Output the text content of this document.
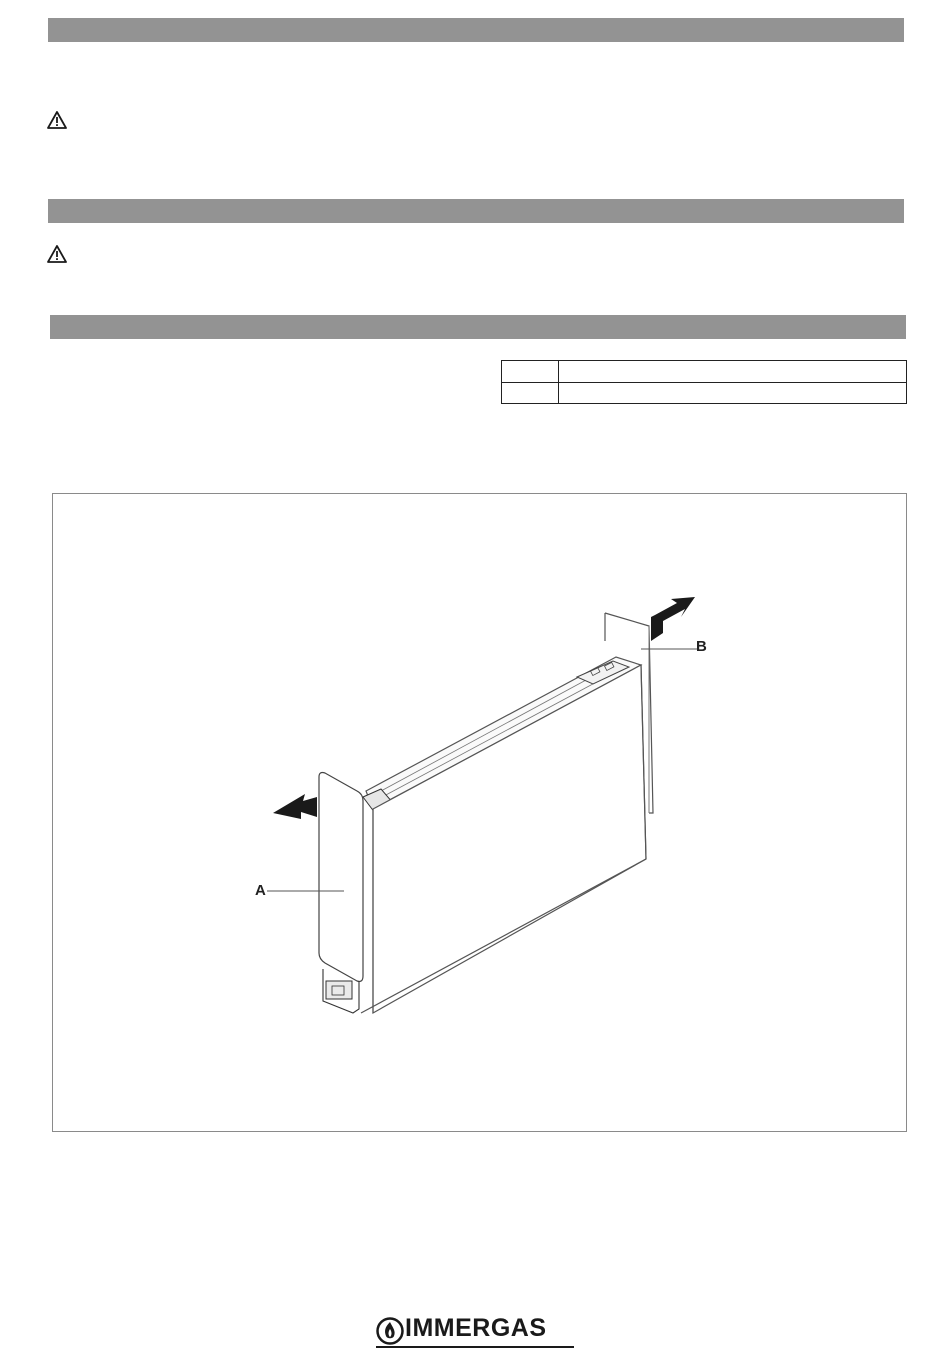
A
B
IMMERGAS
